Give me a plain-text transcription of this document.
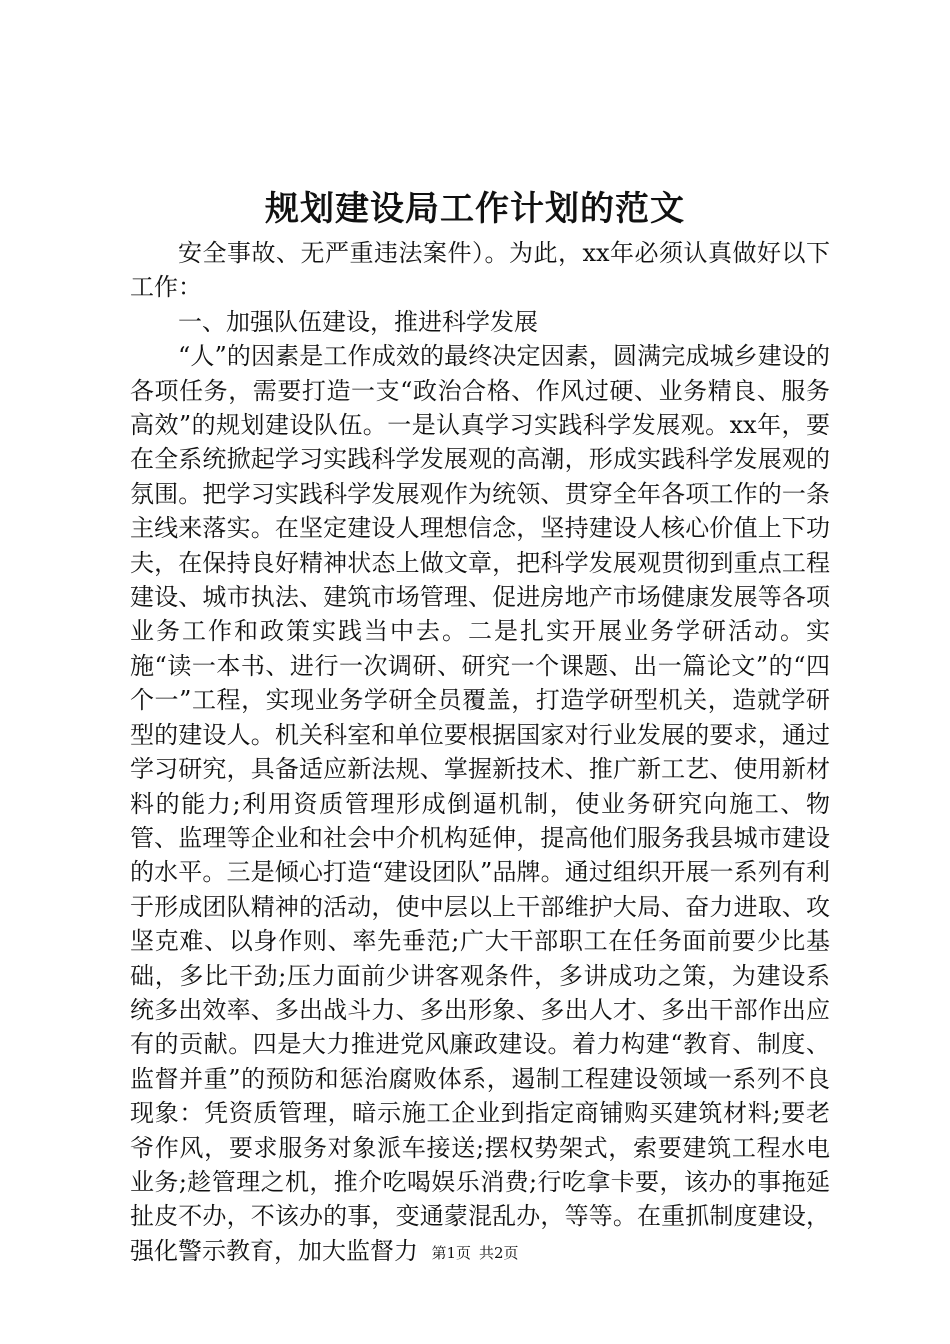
规划建设局工作计划的范文

安全事故、无严重违法案件）。为此，xx年必须认真做好以下工作：

一、加强队伍建设，推进科学发展

“人”的因素是工作成效的最终决定因素，圆满完成城乡建设的各项任务，需要打造一支“政治合格、作风过硬、业务精良、服务高效”的规划建设队伍。一是认真学习实践科学发展观。xx年，要在全系统掀起学习实践科学发展观的高潮，形成实践科学发展观的氛围。把学习实践科学发展观作为统领、贯穿全年各项工作的一条主线来落实。在坚定建设人理想信念，坚持建设人核心价值上下功夫，在保持良好精神状态上做文章，把科学发展观贯彻到重点工程建设、城市执法、建筑市场管理、促进房地产市场健康发展等各项业务工作和政策实践当中去。二是扎实开展业务学研活动。实施“读一本书、进行一次调研、研究一个课题、出一篇论文”的“四个一”工程，实现业务学研全员覆盖，打造学研型机关，造就学研型的建设人。机关科室和单位要根据国家对行业发展的要求，通过学习研究，具备适应新法规、掌握新技术、推广新工艺、使用新材料的能力;利用资质管理形成倒逼机制，使业务研究向施工、物管、监理等企业和社会中介机构延伸，提高他们服务我县城市建设的水平。三是倾心打造“建设团队”品牌。通过组织开展一系列有利于形成团队精神的活动，使中层以上干部维护大局、奋力进取、攻坚克难、以身作则、率先垂范;广大干部职工在任务面前要少比基础，多比干劲;压力面前少讲客观条件，多讲成功之策，为建设系统多出效率、多出战斗力、多出形象、多出人才、多出干部作出应有的贡献。四是大力推进党风廉政建设。着力构建“教育、制度、监督并重”的预防和惩治腐败体系，遏制工程建设领域一系列不良现象：凭资质管理，暗示施工企业到指定商铺购买建筑材料;要老爷作风，要求服务对象派车接送;摆权势架式，索要建筑工程水电业务;趁管理之机，推介吃喝娱乐消费;行吃拿卡要，该办的事拖延扯皮不办，不该办的事，变通蒙混乱办，等等。在重抓制度建设，强化警示教育，加大监督力 第1页 共2页
